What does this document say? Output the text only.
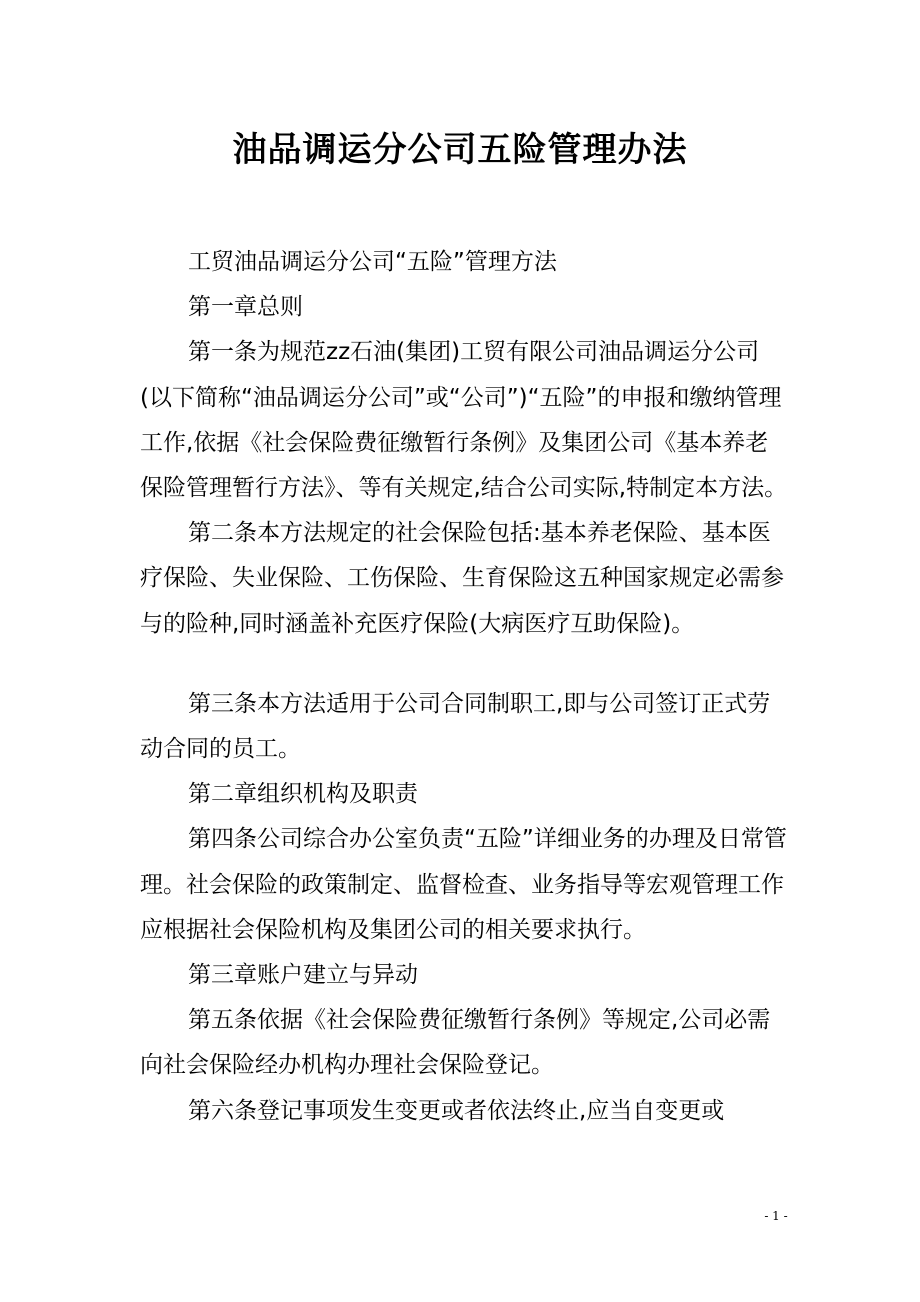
油品调运分公司五险管理办法

工贸油品调运分公司“五险”管理方法

第一章总则

第一条为规范zz石油(集团)工贸有限公司油品调运分公司(以下简称“油品调运分公司”或“公司”)“五险”的申报和缴纳管理工作,依据《社会保险费征缴暂行条例》及集团公司《基本养老保险管理暂行方法》、等有关规定,结合公司实际,特制定本方法。

第二条本方法规定的社会保险包括:基本养老保险、基本医疗保险、失业保险、工伤保险、生育保险这五种国家规定必需参与的险种,同时涵盖补充医疗保险(大病医疗互助保险)。

第三条本方法适用于公司合同制职工,即与公司签订正式劳动合同的员工。

第二章组织机构及职责

第四条公司综合办公室负责“五险”详细业务的办理及日常管理。社会保险的政策制定、监督检查、业务指导等宏观管理工作应根据社会保险机构及集团公司的相关要求执行。

第三章账户建立与异动

第五条依据《社会保险费征缴暂行条例》等规定,公司必需向社会保险经办机构办理社会保险登记。

第六条登记事项发生变更或者依法终止,应当自变更或

- 1 -
